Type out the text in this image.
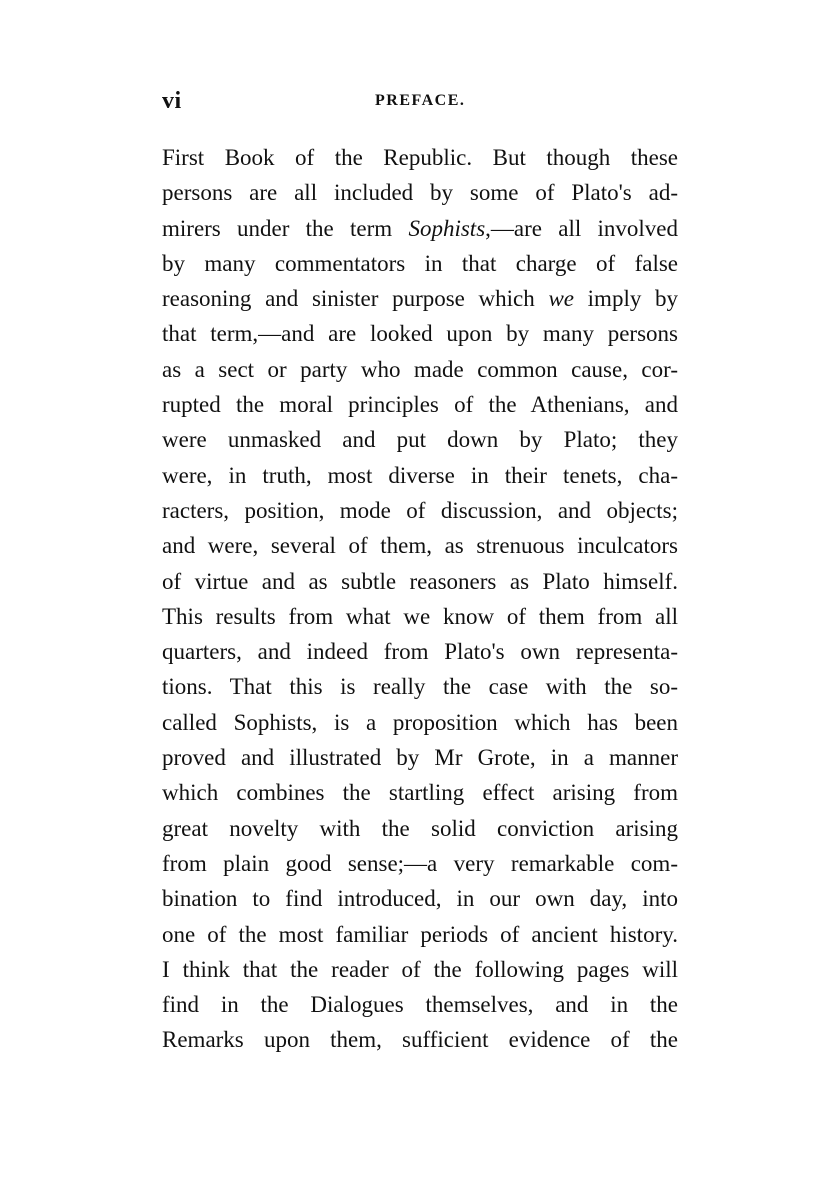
vi	PREFACE.
First Book of the Republic. But though these
persons are all included by some of Plato's ad-
mirers under the term Sophists,—are all involved
by many commentators in that charge of false
reasoning and sinister purpose which we imply by
that term,—and are looked upon by many persons
as a sect or party who made common cause, cor-
rupted the moral principles of the Athenians, and
were unmasked and put down by Plato; they
were, in truth, most diverse in their tenets, cha-
racters, position, mode of discussion, and objects;
and were, several of them, as strenuous inculcators
of virtue and as subtle reasoners as Plato himself.
This results from what we know of them from all
quarters, and indeed from Plato's own representa-
tions. That this is really the case with the so-
called Sophists, is a proposition which has been
proved and illustrated by Mr Grote, in a manner
which combines the startling effect arising from
great novelty with the solid conviction arising
from plain good sense;—a very remarkable com-
bination to find introduced, in our own day, into
one of the most familiar periods of ancient history.
I think that the reader of the following pages will
find in the Dialogues themselves, and in the
Remarks upon them, sufficient evidence of the
